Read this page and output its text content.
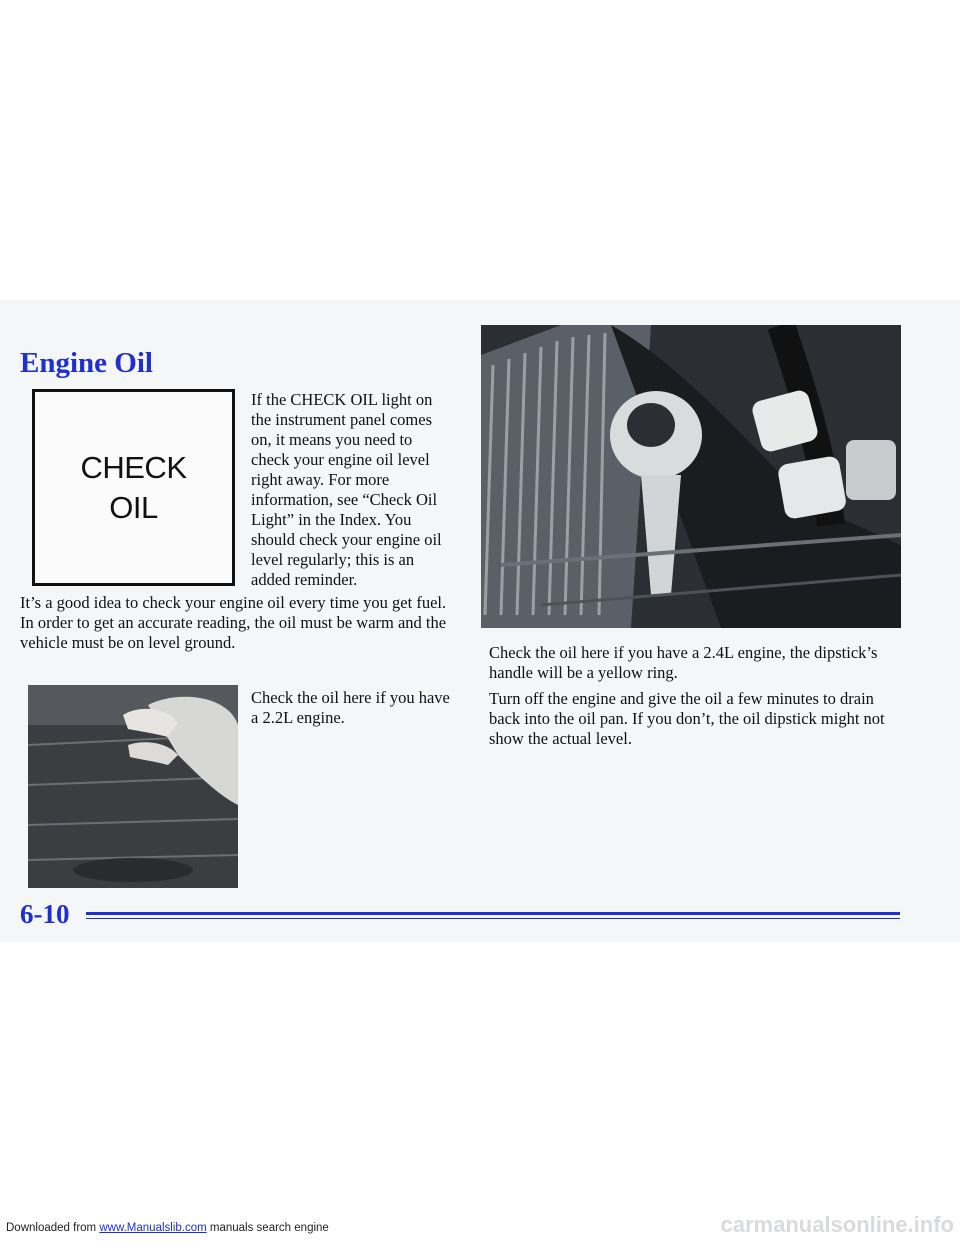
Engine Oil
CHECK
OIL

If the CHECK OIL light on the instrument panel comes on, it means you need to check your engine oil level right away. For more information, see “Check Oil Light” in the Index. You should check your engine oil level regularly; this is an added reminder.

It’s a good idea to check your engine oil every time you get fuel. In order to get an accurate reading, the oil must be warm and the vehicle must be on level ground.

Check the oil here if you have a 2.4L engine, the dipstick’s handle will be a yellow ring.

Check the oil here if you have a 2.2L engine.

Turn off the engine and give the oil a few minutes to drain back into the oil pan. If you don’t, the oil dipstick might not show the actual level.

6-10

Downloaded from www.Manualslib.com manuals search engine	carmanualsonline.info
